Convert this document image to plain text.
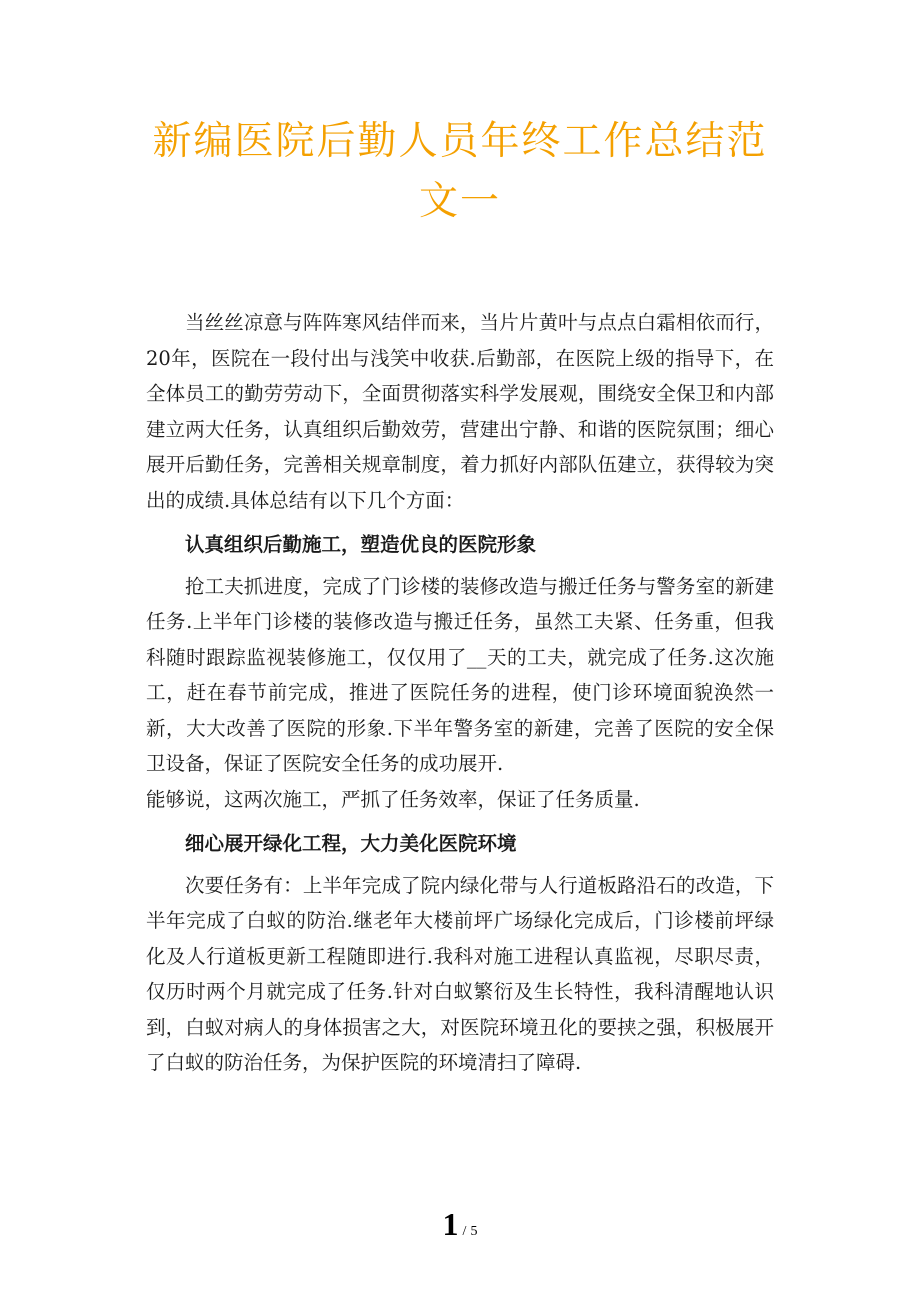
新编医院后勤人员年终工作总结范文一

当丝丝凉意与阵阵寒风结伴而来，当片片黄叶与点点白霜相依而行，20年，医院在一段付出与浅笑中收获.后勤部，在医院上级的指导下，在全体员工的勤劳劳动下，全面贯彻落实科学发展观，围绕安全保卫和内部建立两大任务，认真组织后勤效劳，营建出宁静、和谐的医院氛围；细心展开后勤任务，完善相关规章制度，着力抓好内部队伍建立，获得较为突出的成绩.具体总结有以下几个方面：

认真组织后勤施工，塑造优良的医院形象

抢工夫抓进度，完成了门诊楼的装修改造与搬迁任务与警务室的新建任务.上半年门诊楼的装修改造与搬迁任务，虽然工夫紧、任务重，但我科随时跟踪监视装修施工，仅仅用了__天的工夫，就完成了任务.这次施工，赶在春节前完成，推进了医院任务的进程，使门诊环境面貌涣然一新，大大改善了医院的形象.下半年警务室的新建，完善了医院的安全保卫设备，保证了医院安全任务的成功展开.

能够说，这两次施工，严抓了任务效率，保证了任务质量.

细心展开绿化工程，大力美化医院环境

次要任务有：上半年完成了院内绿化带与人行道板路沿石的改造，下半年完成了白蚁的防治.继老年大楼前坪广场绿化完成后，门诊楼前坪绿化及人行道板更新工程随即进行.我科对施工进程认真监视，尽职尽责，仅历时两个月就完成了任务.针对白蚁繁衍及生长特性，我科清醒地认识到，白蚁对病人的身体损害之大，对医院环境丑化的要挟之强，积极展开了白蚁的防治任务，为保护医院的环境清扫了障碍.

1 / 5
